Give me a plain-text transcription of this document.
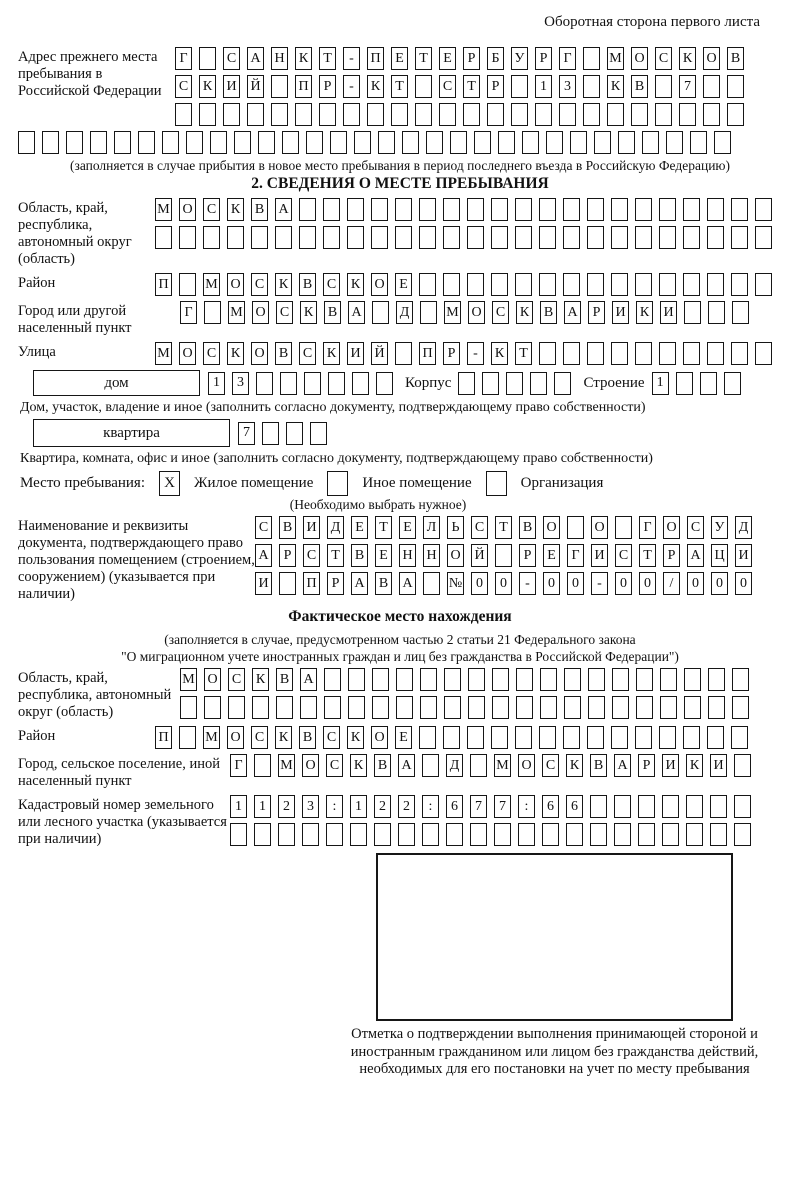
Оборотная сторона первого листа
Адрес прежнего места пребывания в Российской Федерации
Г	С А Н К	Т	-	П	Е	Т	Е	Р	Б	У	Р	Г	М О С К О В
С К И Й	П	Р	-	К	Т	С	Т	Р	1	3	К В	7
(заполняется в случае прибытия в новое место пребывания в период последнего въезда в Российскую Федерацию)
2. СВЕДЕНИЯ О МЕСТЕ ПРЕБЫВАНИЯ
Область, край, республика, автономный округ (область)
М О С К В А
Район	П	М О С К В С К О	Е
Город или другой населенный пункт
Г	М О С К В А	Д	М О С К В А	Р	И К И
Улица	М О С К О В С К И Й	П	Р	-	К	Т
дом	1	3	Корпус	Строение 1
Дом, участок, владение и иное (заполнить согласно документу, подтверждающему право собственности)
квартира	7
Квартира, комната, офис и иное (заполнить согласно документу, подтверждающему право собственности)
Место пребывания:	X	Жилое помещение	Иное помещение	Организация
(Необходимо выбрать нужное)
Наименование и реквизиты документа, подтверждающего право пользования помещением (строением, сооружением) (указывается при наличии)
С В И Д	Е	Т	Е	Л	Ь	С	Т	В О	О	Г	О С У Д
А	Р	С	Т	В	Е	Н Н О Й	Р	Е	Г	И С	Т	Р	А Ц И
И	П	Р	А В А	№ 0	0	-	0	0	-	0	0	/	0	0	0
Фактическое место нахождения
(заполняется в случае, предусмотренном частью 2 статьи 21 Федерального закона
"О миграционном учете иностранных граждан и лиц без гражданства в Российской Федерации")
Область, край, республика, автономный округ (область)
М О С К В А
Район	П	М О С К В С К О	Е
Город, сельское поселение, иной населенный пункт
Г	М О С К В А	Д	М О С К В А	Р	И К И
Кадастровый номер земельного или лесного участка (указывается при наличии)
1	1	2	3	:	1	2	2	:	6	7	7	:	6	6
Отметка о подтверждении выполнения принимающей стороной и иностранным гражданином или лицом без гражданства действий, необходимых для его постановки на учет по месту пребывания
